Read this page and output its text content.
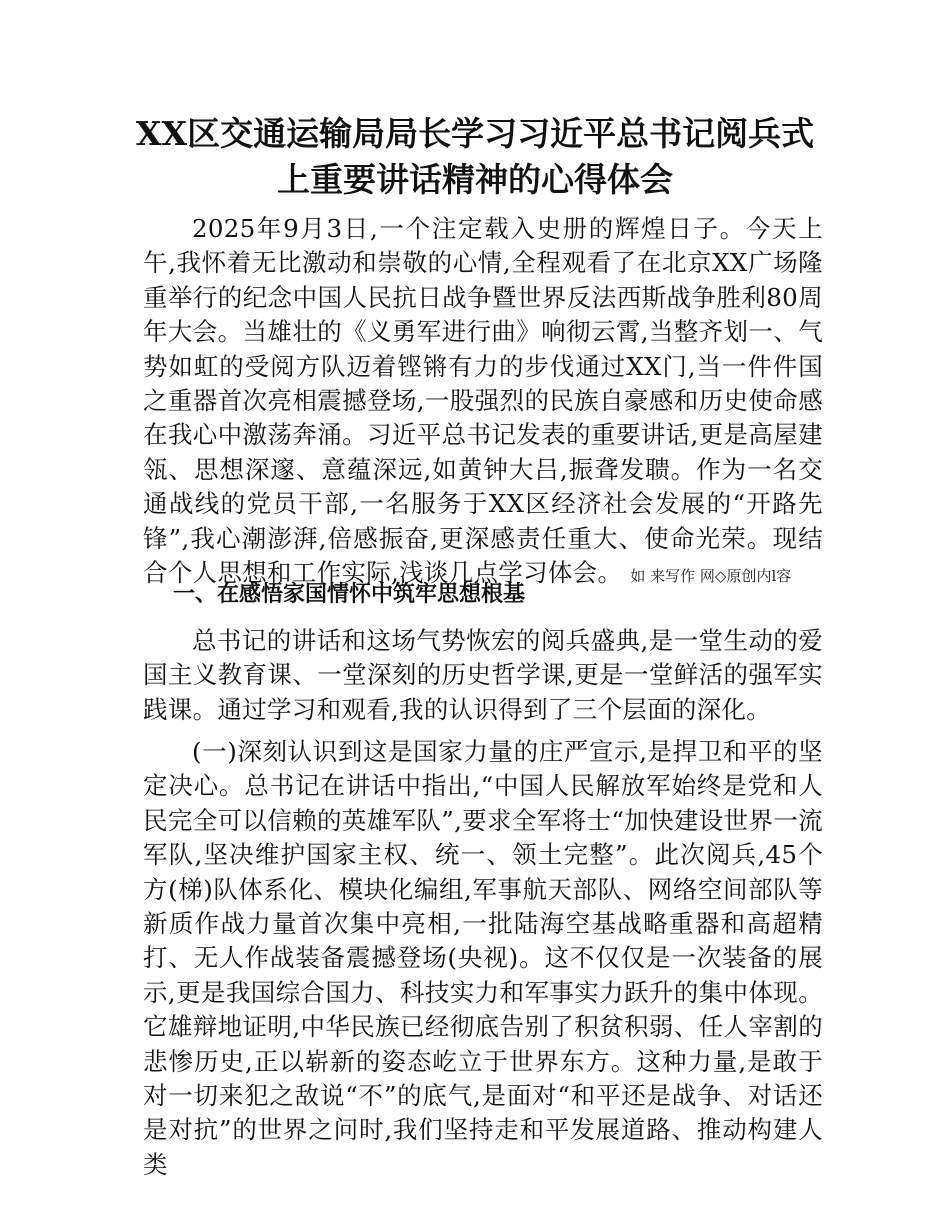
XX区交通运输局局长学习习近平总书记阅兵式
上重要讲话精神的心得体会

2025年9月3日,一个注定载入史册的辉煌日子。今天上午,我怀着无比激动和崇敬的心情,全程观看了在北京XX广场隆重举行的纪念中国人民抗日战争暨世界反法西斯战争胜利80周年大会。当雄壮的《义勇军进行曲》响彻云霄,当整齐划一、气势如虹的受阅方队迈着铿锵有力的步伐通过XX门,当一件件国之重器首次亮相震撼登场,一股强烈的民族自豪感和历史使命感在我心中激荡奔涌。习近平总书记发表的重要讲话,更是高屋建瓴、思想深邃、意蕴深远,如黄钟大吕,振聋发聩。作为一名交通战线的党员干部,一名服务于XX区经济社会发展的“开路先锋”,我心潮澎湃,倍感振奋,更深感责任重大、使命光荣。现结合个人思想和工作实际,浅谈几点学习体会。 如 来写作 网◇原创内l容

一、在感悟家国情怀中筑牢思想根基

总书记的讲话和这场气势恢宏的阅兵盛典,是一堂生动的爱国主义教育课、一堂深刻的历史哲学课,更是一堂鲜活的强军实践课。通过学习和观看,我的认识得到了三个层面的深化。

(一)深刻认识到这是国家力量的庄严宣示,是捍卫和平的坚定决心。总书记在讲话中指出,“中国人民解放军始终是党和人民完全可以信赖的英雄军队”,要求全军将士“加快建设世界一流军队,坚决维护国家主权、统一、领土完整”。此次阅兵,45个方(梯)队体系化、模块化编组,军事航天部队、网络空间部队等新质作战力量首次集中亮相,一批陆海空基战略重器和高超精打、无人作战装备震撼登场(央视)。这不仅仅是一次装备的展示,更是我国综合国力、科技实力和军事实力跃升的集中体现。它雄辩地证明,中华民族已经彻底告别了积贫积弱、任人宰割的悲惨历史,正以崭新的姿态屹立于世界东方。这种力量,是敢于对一切来犯之敌说“不”的底气,是面对“和平还是战争、对话还是对抗”的世界之问时,我们坚持走和平发展道路、推动构建人类
